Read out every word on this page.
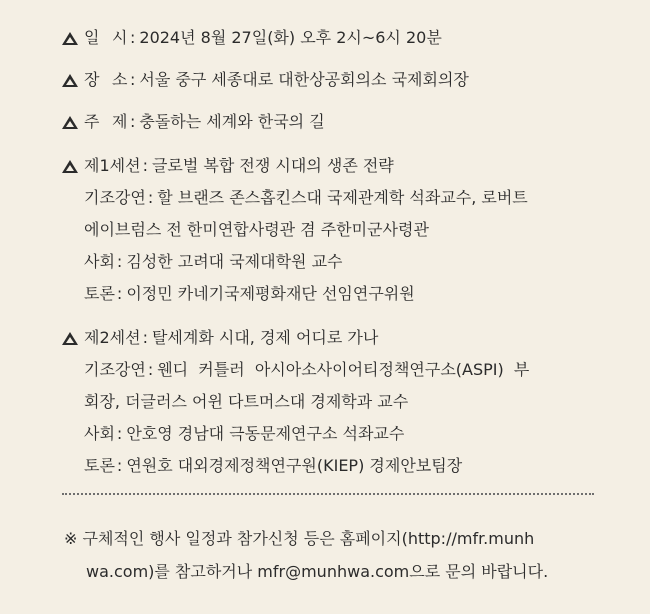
일 시 : 2024년 8월 27일(화) 오후 2시~6시 20분
장 소 : 서울 중구 세종대로 대한상공회의소 국제회의장
주 제 : 충돌하는 세계와 한국의 길
제1세션 : 글로벌 복합 전쟁 시대의 생존 전략
기조강연 : 할 브랜즈 존스홉킨스대 국제관계학 석좌교수, 로버트
에이브럼스 전 한미연합사령관 겸 주한미군사령관
사회 : 김성한 고려대 국제대학원 교수
토론 : 이정민 카네기국제평화재단 선임연구위원
제2세션 : 탈세계화 시대, 경제 어디로 가나
기조강연 : 웬디  커틀러  아시아소사이어티정책연구소(ASPI)  부
회장, 더글러스 어윈 다트머스대 경제학과 교수
사회 : 안호영 경남대 극동문제연구소 석좌교수
토론 : 연원호 대외경제정책연구원(KIEP) 경제안보팀장
※ 구체적인 행사 일정과 참가신청 등은 홈페이지(http://mfr.munh
wa.com)를 참고하거나 mfr@munhwa.com으로 문의 바랍니다.
